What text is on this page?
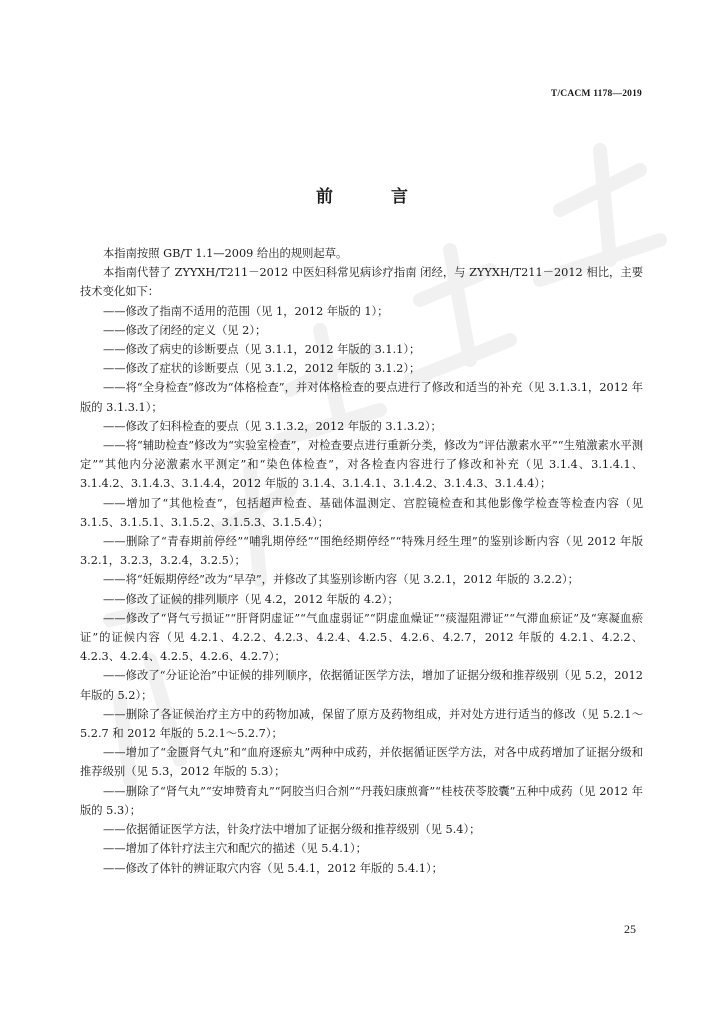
T/CACM 1178—2019
前 言

本指南按照 GB/T 1.1—2009 给出的规则起草。

本指南代替了 ZYYXH/T211－2012 中医妇科常见病诊疗指南 闭经，与 ZYYXH/T211－2012 相比，主要技术变化如下：

——修改了指南不适用的范围（见 1，2012 年版的 1）；

——修改了闭经的定义（见 2）；

——修改了病史的诊断要点（见 3.1.1，2012 年版的 3.1.1）；

——修改了症状的诊断要点（见 3.1.2，2012 年版的 3.1.2）；

——将“全身检查”修改为“体格检查”，并对体格检查的要点进行了修改和适当的补充（见 3.1.3.1，2012 年版的 3.1.3.1）；

——修改了妇科检查的要点（见 3.1.3.2，2012 年版的 3.1.3.2）；

——将“辅助检查”修改为“实验室检查”，对检查要点进行重新分类，修改为“评估激素水平”“生殖激素水平测定”“其他内分泌激素水平测定”和“染色体检查”，对各检查内容进行了修改和补充（见 3.1.4、3.1.4.1、3.1.4.2、3.1.4.3、3.1.4.4，2012 年版的 3.1.4、3.1.4.1、3.1.4.2、3.1.4.3、3.1.4.4）；

——增加了“其他检查”，包括超声检查、基础体温测定、宫腔镜检查和其他影像学检查等检查内容（见 3.1.5、3.1.5.1、3.1.5.2、3.1.5.3、3.1.5.4）；

——删除了“青春期前停经”“哺乳期停经”“围绝经期停经”“特殊月经生理”的鉴别诊断内容（见 2012 年版 3.2.1，3.2.3，3.2.4，3.2.5）；

——将“妊娠期停经”改为“早孕”，并修改了其鉴别诊断内容（见 3.2.1，2012 年版的 3.2.2）；

——修改了证候的排列顺序（见 4.2，2012 年版的 4.2）；

——修改了“肾气亏损证”“肝肾阴虚证”“气血虚弱证”“阴虚血燥证”“痰湿阻滞证”“气滞血瘀证”及“寒凝血瘀证”的证候内容（见 4.2.1、4.2.2、4.2.3、4.2.4、4.2.5、4.2.6、4.2.7，2012 年版的 4.2.1、4.2.2、4.2.3、4.2.4、4.2.5、4.2.6、4.2.7）；

——修改了“分证论治”中证候的排列顺序，依据循证医学方法，增加了证据分级和推荐级别（见 5.2，2012 年版的 5.2）；

——删除了各证候治疗主方中的药物加减，保留了原方及药物组成，并对处方进行适当的修改（见 5.2.1～5.2.7 和 2012 年版的 5.2.1～5.2.7）；

——增加了“金匮肾气丸”和“血府逐瘀丸”两种中成药，并依据循证医学方法，对各中成药增加了证据分级和推荐级别（见 5.3，2012 年版的 5.3）；

——删除了“肾气丸”“安坤赞育丸”“阿胶当归合剂”“丹莪妇康煎膏”“桂枝茯苓胶囊”五种中成药（见 2012 年版的 5.3）；

——依据循证医学方法，针灸疗法中增加了证据分级和推荐级别（见 5.4）；

——增加了体针疗法主穴和配穴的描述（见 5.4.1）；

——修改了体针的辨证取穴内容（见 5.4.1，2012 年版的 5.4.1）；

25
